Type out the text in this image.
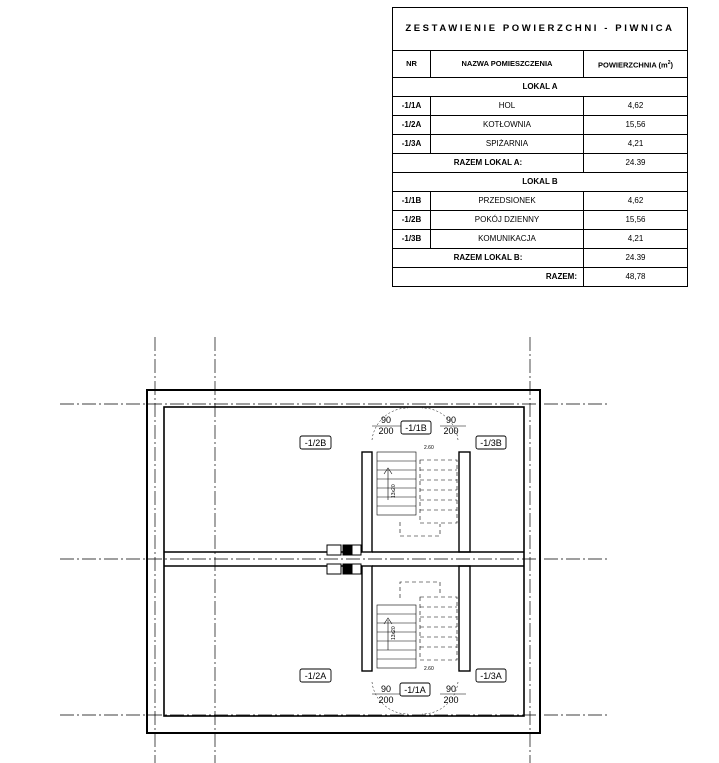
ZESTAWIENIE POWIERZCHNI - PIWNICA		
NR	NAZWA POMIESZCZENIA	POWIERZCHNIA $(m^2)$
LOKAL A		
-1/1A	HOL	4,62
-1/2A	KOTŁOWNIA	15,56
-1/3A	SPIŻARNIA	4,21
RAZEM LOKAL A:		24.39
LOKAL B		
-1/1B	PRZEDSIONEK	4,62
-1/2B	POKÓJ DZIENNY	15,56
-1/3B	KOMUNIKACJA	4,21
RAZEM LOKAL B:		24.39
RAZEM:		48,78
-1/2B
-1/1B
-1/3B
-1/2A
-1/1A
-1/3A
90
200
90
200
90
200
90
200
2.60
2.60
13x20
13x20
